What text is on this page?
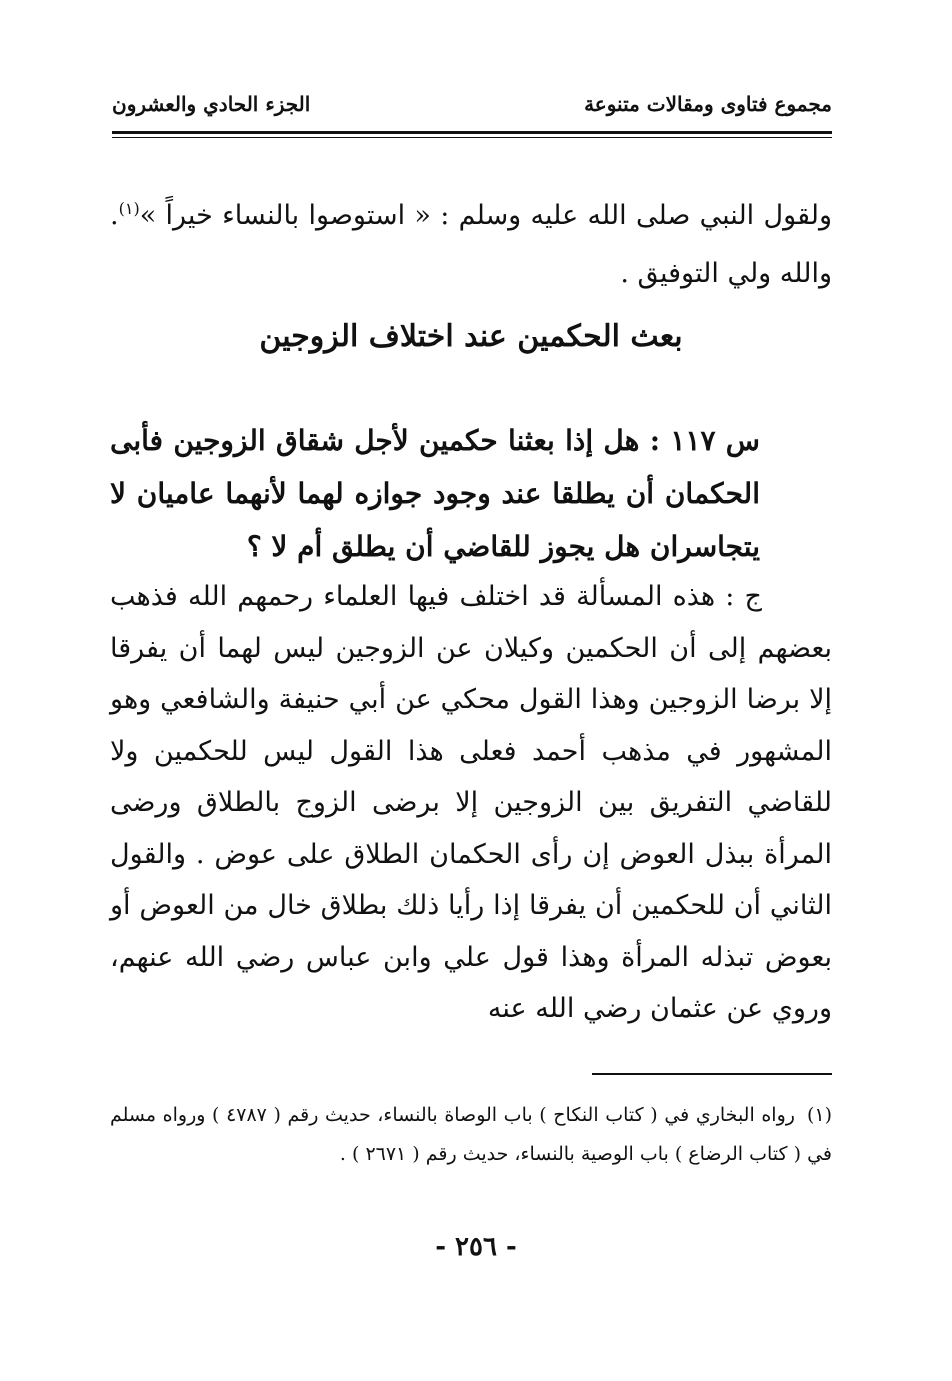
مجموع فتاوى ومقالات متنوعة
الجزء الحادي والعشرون
ولقول النبي صلى الله عليه وسلم : « استوصوا بالنساء خيراً »$^{(١)}$. والله ولي التوفيق .
بعث الحكمين عند اختلاف الزوجين
س ١١٧ : هل إذا بعثنا حكمين لأجل شقاق الزوجين فأبى الحكمان أن يطلقا عند وجود جوازه لهما لأنهما عاميان لا يتجاسران هل يجوز للقاضي أن يطلق أم لا ؟
ج : هذه المسألة قد اختلف فيها العلماء رحمهم الله فذهب بعضهم إلى أن الحكمين وكيلان عن الزوجين ليس لهما أن يفرقا إلا برضا الزوجين وهذا القول محكي عن أبي حنيفة والشافعي وهو المشهور في مذهب أحمد فعلى هذا القول ليس للحكمين ولا للقاضي التفريق بين الزوجين إلا برضى الزوج بالطلاق ورضى المرأة ببذل العوض إن رأى الحكمان الطلاق على عوض . والقول الثاني أن للحكمين أن يفرقا إذا رأيا ذلك بطلاق خال من العوض أو بعوض تبذله المرأة وهذا قول علي وابن عباس رضي الله عنهم، وروي عن عثمان رضي الله عنه
(١)رواه البخاري في ( كتاب النكاح ) باب الوصاة بالنساء، حديث رقم ( ٤٧٨٧ ) ورواه مسلم في ( كتاب الرضاع ) باب الوصية بالنساء، حديث رقم ( ٢٦٧١ ) .
- ٢٥٦ -
